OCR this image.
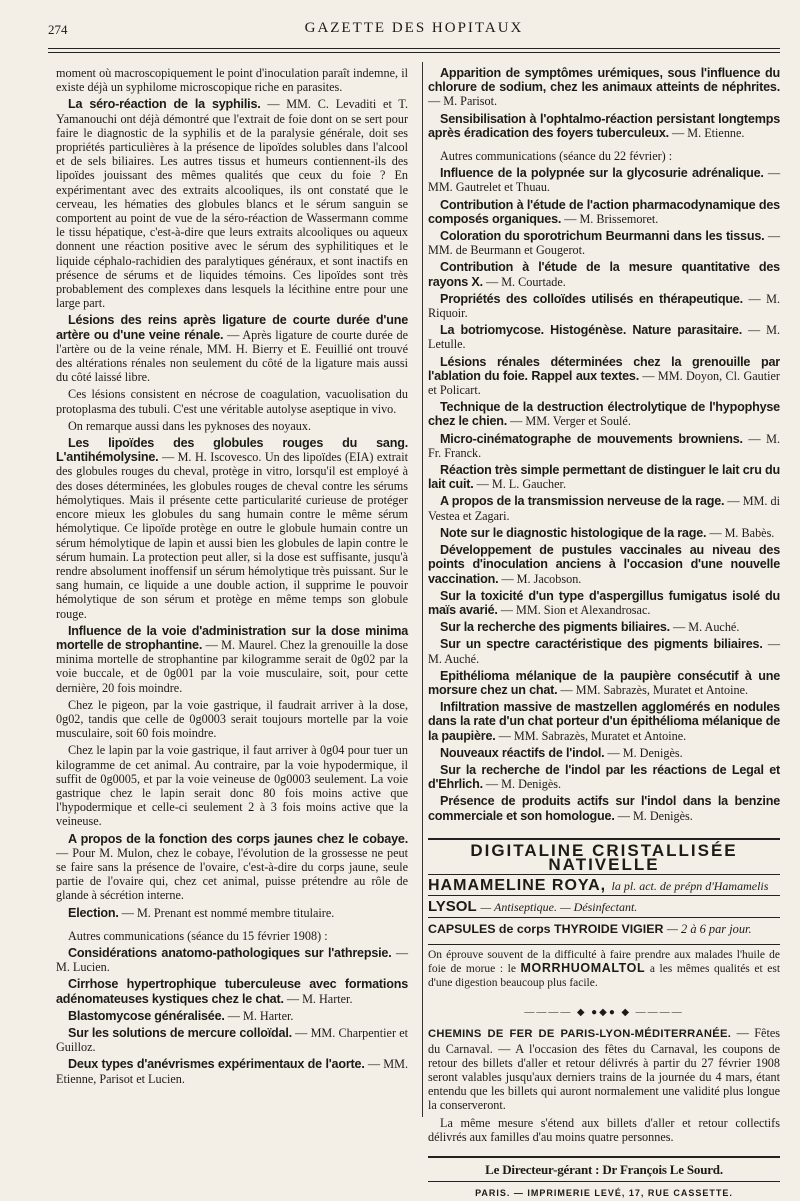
274	GAZETTE DES HOPITAUX

moment où macroscopiquement le point d'inoculation paraît indemne, il existe déjà un syphilome microscopique riche en parasites.

La séro-réaction de la syphilis. — MM. C. Levaditi et T. Yamanouchi ont déjà démontré que l'extrait de foie dont on se sert pour faire le diagnostic de la syphilis et de la paralysie générale, doit ses propriétés particulières à la présence de lipoïdes solubles dans l'alcool et de sels biliaires. Les autres tissus et humeurs contiennent-ils des lipoïdes jouissant des mêmes qualités que ceux du foie ? En expérimentant avec des extraits alcooliques, ils ont constaté que le cerveau, les hématies des globules blancs et le sérum sanguin se comportent au point de vue de la séro-réaction de Wassermann comme le tissu hépatique, c'est-à-dire que leurs extraits alcooliques ou aqueux donnent une réaction positive avec le sérum des syphilitiques et le liquide céphalo-rachidien des paralytiques généraux, et sont inactifs en présence de sérums et de liquides témoins. Ces lipoïdes sont très probablement des complexes dans lesquels la lécithine entre pour une large part.

Lésions des reins après ligature de courte durée d'une artère ou d'une veine rénale. — Après ligature de courte durée de l'artère ou de la veine rénale, MM. H. Bierry et E. Feuillié ont trouvé des altérations rénales non seulement du côté de la ligature mais aussi du côté laissé libre.

Ces lésions consistent en nécrose de coagulation, vacuolisation du protoplasma des tubuli. C'est une véritable autolyse aseptique in vivo.

On remarque aussi dans les pyknoses des noyaux.

Les lipoïdes des globules rouges du sang. L'antihémolysine. — M. H. Iscovesco. Un des lipoïdes (EIA) extrait des globules rouges du cheval, protège in vitro, lorsqu'il est employé à des doses déterminées, les globules rouges de cheval contre les sérums hémolytiques. Mais il présente cette particularité curieuse de protéger encore mieux les globules du sang humain contre le même sérum hémolytique. Ce lipoïde protège en outre le globule humain contre un sérum hémolytique de lapin et aussi bien les globules de lapin contre le sérum humain. La protection peut aller, si la dose est suffisante, jusqu'à rendre absolument inoffensif un sérum hémolytique très puissant. Sur le sang humain, ce liquide a une double action, il supprime le pouvoir hémolytique de son sérum et protège en même temps son globule rouge.

Influence de la voie d'administration sur la dose minima mortelle de strophantine. — M. Maurel. Chez la grenouille la dose minima mortelle de strophantine par kilogramme serait de 0g02 par la voie buccale, et de 0g001 par la voie musculaire, soit, pour cette dernière, 20 fois moindre.

Chez le pigeon, par la voie gastrique, il faudrait arriver à la dose, 0g02, tandis que celle de 0g0003 serait toujours mortelle par la voie musculaire, soit 60 fois moindre.

Chez le lapin par la voie gastrique, il faut arriver à 0g04 pour tuer un kilogramme de cet animal. Au contraire, par la voie hypodermique, il suffit de 0g0005, et par la voie veineuse de 0g0003 seulement. La voie gastrique chez le lapin serait donc 80 fois moins active que l'hypodermique et celle-ci seulement 2 à 3 fois moins active que la veineuse.

A propos de la fonction des corps jaunes chez le cobaye. — Pour M. Mulon, chez le cobaye, l'évolution de la grossesse ne peut se faire sans la présence de l'ovaire, c'est-à-dire du corps jaune, seule partie de l'ovaire qui, chez cet animal, puisse prétendre au rôle de glande à sécrétion interne.

Election. — M. Prenant est nommé membre titulaire.

Autres communications (séance du 15 février 1908) :

Considérations anatomo-pathologiques sur l'athrepsie. — M. Lucien.

Cirrhose hypertrophique tuberculeuse avec formations adénomateuses kystiques chez le chat. — M. Harter.

Blastomycose généralisée. — M. Harter.

Sur les solutions de mercure colloïdal. — MM. Charpentier et Guilloz.

Deux types d'anévrismes expérimentaux de l'aorte. — MM. Etienne, Parisot et Lucien.

Apparition de symptômes urémiques, sous l'influence du chlorure de sodium, chez les animaux atteints de néphrites. — M. Parisot.

Sensibilisation à l'ophtalmo-réaction persistant longtemps après éradication des foyers tuberculeux. — M. Etienne.

Autres communications (séance du 22 février) :

Influence de la polypnée sur la glycosurie adrénalique. — MM. Gautrelet et Thuau.

Contribution à l'étude de l'action pharmacodynamique des composés organiques. — M. Brissemoret.

Coloration du sporotrichum Beurmanni dans les tissus. — MM. de Beurmann et Gougerot.

Contribution à l'étude de la mesure quantitative des rayons X. — M. Courtade.

Propriétés des colloïdes utilisés en thérapeutique. — M. Riquoir.

La botriomycose. Histogénèse. Nature parasitaire. — M. Letulle.

Lésions rénales déterminées chez la grenouille par l'ablation du foie. Rappel aux textes. — MM. Doyon, Cl. Gautier et Policart.

Technique de la destruction électrolytique de l'hypophyse chez le chien. — MM. Verger et Soulé.

Micro-cinématographe de mouvements browniens. — M. Fr. Franck.

Réaction très simple permettant de distinguer le lait cru du lait cuit. — M. L. Gaucher.

A propos de la transmission nerveuse de la rage. — MM. di Vestea et Zagari.

Note sur le diagnostic histologique de la rage. — M. Babès.

Développement de pustules vaccinales au niveau des points d'inoculation anciens à l'occasion d'une nouvelle vaccination. — M. Jacobson.

Sur la toxicité d'un type d'aspergillus fumigatus isolé du maïs avarié. — MM. Sion et Alexandrosac.

Sur la recherche des pigments biliaires. — M. Auché.

Sur un spectre caractéristique des pigments biliaires. — M. Auché.

Epithélioma mélanique de la paupière consécutif à une morsure chez un chat. — MM. Sabrazès, Muratet et Antoine.

Infiltration massive de mastzellen agglomérés en nodules dans la rate d'un chat porteur d'un épithélioma mélanique de la paupière. — MM. Sabrazès, Muratet et Antoine.

Nouveaux réactifs de l'indol. — M. Denigès.

Sur la recherche de l'indol par les réactions de Legal et d'Ehrlich. — M. Denigès.

Présence de produits actifs sur l'indol dans la benzine commerciale et son homologue. — M. Denigès.

DIGITALINE CRISTALLISÉE NATIVELLE
HAMAMELINE ROYA, la pl. act. de prépn d'Hamamelis
LYSOL — Antiseptique. — Désinfectant.
CAPSULES de corps THYROIDE VIGIER — 2 à 6 par jour.
On éprouve souvent de la difficulté à faire prendre aux malades l'huile de foie de morue : le MORRHUOMALTOL a les mêmes qualités et est d'une digestion beaucoup plus facile.
———— ◆ ●◆● ◆ ————

CHEMINS DE FER DE PARIS-LYON-MÉDITERRANÉE. — Fêtes du Carnaval. — A l'occasion des fêtes du Carnaval, les coupons de retour des billets d'aller et retour délivrés à partir du 27 février 1908 seront valables jusqu'aux derniers trains de la journée du 4 mars, étant entendu que les billets qui auront normalement une validité plus longue la conserveront.

La même mesure s'étend aux billets d'aller et retour collectifs délivrés aux familles d'au moins quatre personnes.

Le Directeur-gérant : Dr François Le Sourd.
PARIS. — IMPRIMERIE LEVÉ, 17, RUE CASSETTE.
